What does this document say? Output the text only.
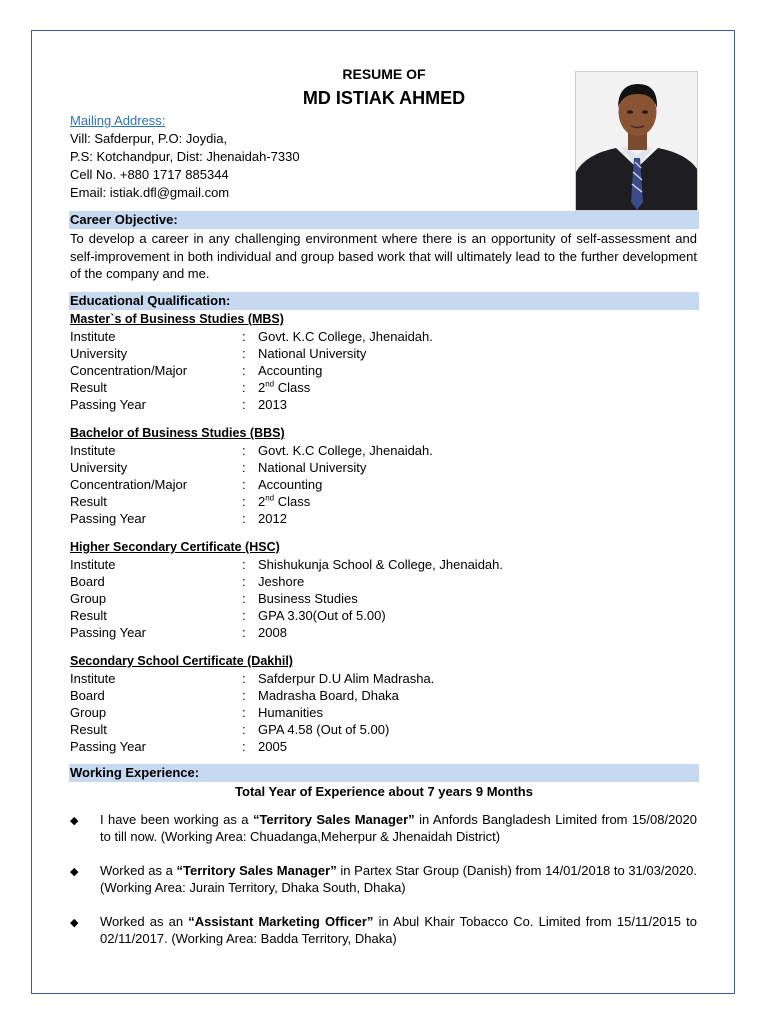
RESUME OF
MD ISTIAK AHMED
Mailing Address:
Vill: Safderpur, P.O: Joydia,
P.S: Kotchandpur, Dist: Jhenaidah-7330
Cell No. +880 1717 885344
Email: istiak.dfl@gmail.com
Career Objective:
To develop a career in any challenging environment where there is an opportunity of self-assessment and self-improvement in both individual and group based work that will ultimately lead to the further development of the company and me.
Educational Qualification:
Master`s of Business Studies (MBS)
Institute	: Govt. K.C College, Jhenaidah.
University	: National University
Concentration/Major	: Accounting
Result	: 2nd Class
Passing Year	: 2013
Bachelor of Business Studies (BBS)
Institute	: Govt. K.C College, Jhenaidah.
University	: National University
Concentration/Major	: Accounting
Result	: 2nd Class
Passing Year	: 2012
Higher Secondary Certificate (HSC)
Institute	: Shishukunja School & College, Jhenaidah.
Board	: Jeshore
Group	: Business Studies
Result	: GPA 3.30(Out of 5.00)
Passing Year	: 2008
Secondary School Certificate (Dakhil)
Institute	: Safderpur D.U Alim Madrasha.
Board	: Madrasha Board, Dhaka
Group	: Humanities
Result	: GPA 4.58 (Out of 5.00)
Passing Year	: 2005
Working Experience:
Total Year of Experience about 7 years 9 Months
◆ I have been working as a “Territory Sales Manager” in Anfords Bangladesh Limited from 15/08/2020 to till now. (Working Area: Chuadanga,Meherpur & Jhenaidah District)
◆ Worked as a “Territory Sales Manager” in Partex Star Group (Danish) from 14/01/2018 to 31/03/2020. (Working Area: Jurain Territory, Dhaka South, Dhaka)
◆ Worked as an “Assistant Marketing Officer” in Abul Khair Tobacco Co. Limited from 15/11/2015 to 02/11/2017. (Working Area: Badda Territory, Dhaka)
